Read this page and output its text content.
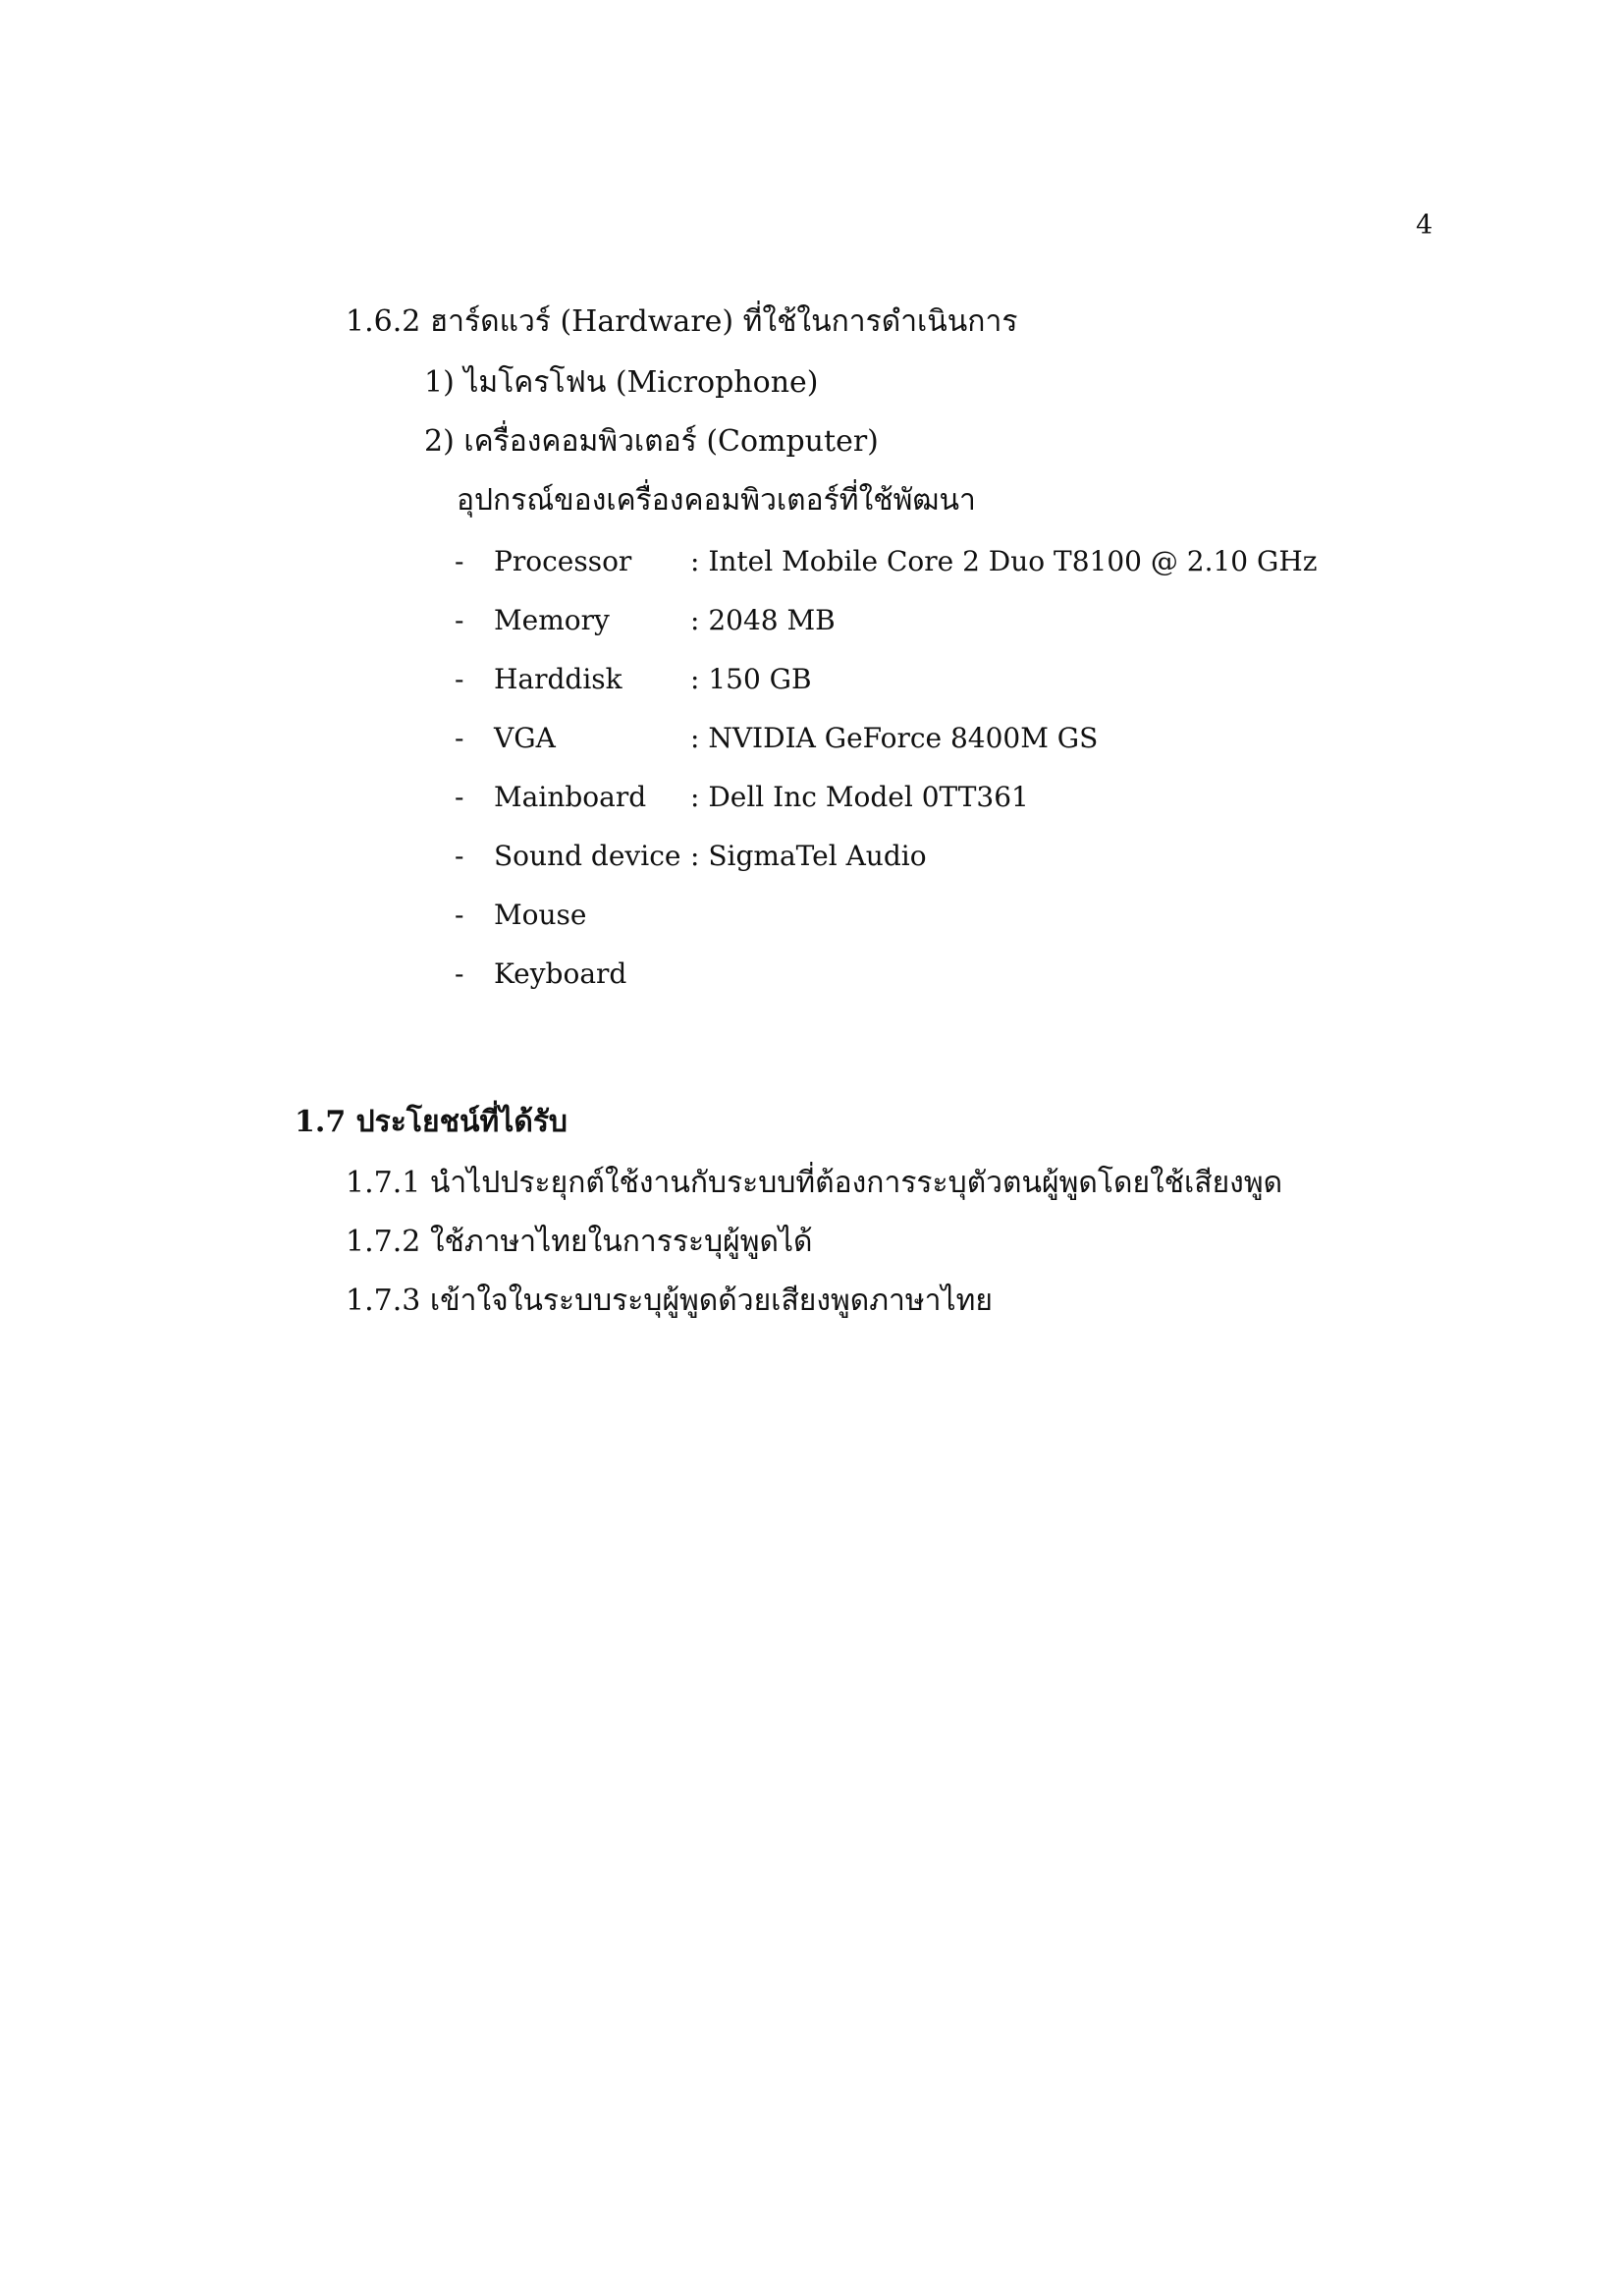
4
1.6.2 ฮาร์ดแวร์ (Hardware) ที่ใช้ในการดำเนินการ
1) ไมโครโฟน (Microphone)
2) เครื่องคอมพิวเตอร์ (Computer)
อุปกรณ์ของเครื่องคอมพิวเตอร์ที่ใช้พัฒนา
-	Processor	: Intel Mobile Core 2 Duo T8100 @ 2.10 GHz
-	Memory	: 2048 MB
-	Harddisk	: 150 GB
-	VGA	: NVIDIA GeForce 8400M GS
-	Mainboard	: Dell Inc Model 0TT361
-	Sound device : SigmaTel Audio
-	Mouse
-	Keyboard
1.7 ประโยชน์ที่ได้รับ
1.7.1 นำไปประยุกต์ใช้งานกับระบบที่ต้องการระบุตัวตนผู้พูดโดยใช้เสียงพูด
1.7.2 ใช้ภาษาไทยในการระบุผู้พูดได้
1.7.3 เข้าใจในระบบระบุผู้พูดด้วยเสียงพูดภาษาไทย
